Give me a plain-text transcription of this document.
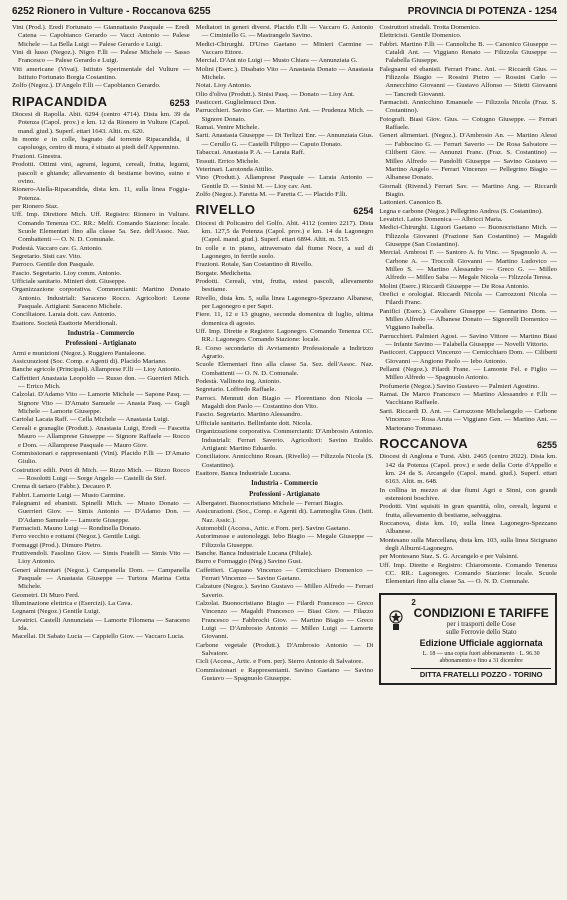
6252 Rionero in Vulture - Roccanova 6255	PROVINCIA DI POTENZA - 1254

Vini (Prod.). Eredi Fortunato — Giannattasio Pasquale — Eredi Catena — Capobianco Gerardo — Vacci Antonio — Palese Michele — La Bella Luigi — Palese Gerardo e Luigi.

Vini di lusso (Negoz.). Nigro F.lli — Palese Michele — Sasso Francesco — Palese Gerardo e Luigi.

Viti americane (Vivai). Istituto Sperimentale del Vulture — Istituto Fortunato Borgia Costantino.

Zolfo (Negoz.). D'Angelo F.lli — Capobianco Gerardo.

RIPACANDIDA	6253

Diocesi di Rapolla. Abit. 6294 (centro 4714). Dista km. 39 da Potenza (Capol. prov.) e km. 12 da Rionero in Vulture (Capol. mand. giud.). Superf. ettari 1643. Altit. m. 620.

In monte e in colle, bagnato dal torrente Ripacandida, il capoluogo, centro di mura, è situato ai piedi dell'Appennino.

Frazioni. Ginestra.

Prodotti. Ottimi vini, agrumi, legumi, cereali, frutta, legumi, pascoli e ghiande; allevamento di bestiame bovino, suino e ovino.

Rionero-Atella-Ripacandida, dista km. 11, sulla linea Foggia-Potenza.

per Rionero Staz.

Uff. Imp. Direttore Mich. Uff. Registro: Rionero in Vulture. Comando Tenenza CC. RR.: Melfi. Comando Stazione: locale. Scuole Elementari fino alla classe 5a. Sez. dell'Assoc. Naz. Combattenti — O. N. D. Comunale.

Podestà. Vaccaro cav. G. Antonio.

Segretario. Sisti cav. Vito.

Parroco. Gentile don Pasquale.

Fascio. Segretario. Lioy comm. Antonio.

Ufficiale sanitario. Minieri dott. Giuseppe.

Organizzazione corporativa. Commercianti: Martino Donato Antonio. Industriali: Saraceno Rocco. Agricoltori: Leone Pasquale. Artigiani: Saraceno Michele.

Conciliatore. Laraia dott. cav. Antonio.

Esattore. Società Esattorie Meridionali.

Industria - Commercio
Professioni - Artigianato

Armi e munizioni (Negoz.). Ruggiero Pantaleone.

Assicurazioni (Soc. Comp. e Agenti di). Placido Mariano.

Banche agricole (Principali). Allampresе F.lli — Lioy Antonio.

Caffettieri Anastasia Leopoldo — Russo don. — Guerrieri Mich. — Errico Mich.

Calzolai. D'Adamo Vito — Lamorte Michele — Sapone Pasq. — Signore Vito — D'Amato Samuele — Anasia Pasq. — Gugli Michele — Lamorte Giuseppe.

Cartolai Lacaia Raff. — Cella Michele — Anastasia Luigi.

Cereali e granaglie (Produtt.). Anastasia Luigi, Eredi — Fascetta Mauro — Allamprese Giuseppe — Signore Raffaele — Rocco e Dom. — Allamprese Pasquale — Mauro Giov.

Commissionari e rappresentanti (Vini). Placido F.lli — D'Amato Giulio.

Costruttori edili. Petri di Mich. — Rizzo Mich. — Rizzo Rocco — Rosolotti Luigi — Sorge Angelo — Castelli da Stef.

Crema di tartaro (Fabbr.). Decauro P.

Fabbri. Lamorte Luigi — Musto Carmine.

Falegnami ed ebanisti. Spinelli Mich. — Musto Donato — Guerrieri Giov. — Simis Antonio — D'Adamo Don. — D'Adamo Samuele — Lamorte Giuseppe.

Farmacisti. Mauno Luigi — Rondinella Donato.

Ferro vecchio e rottami (Negoz.). Gentile Luigi.

Formaggi (Prod.). Dimuro Pietro.

Fruttivendoli. Fasolino Giov. — Simis Fratelli — Simis Vito — Lioy Antonio.

Generi alimentari (Negoz.). Campanella Dom. — Campanella Pasquale — Anastasia Giuseppe — Turtora Marina Cetta Michele.

Geometri. Di Muro Ferd.

Illuminazione elettrica e (Esercizi). La Cava.

Legnami (Negoz.) Gentile Luigi.

Levatrici. Castelli Annunziata — Lamorte Filomena — Saraceno Ida.

Macellai. Di Sabato Lucia — Cappiello Giov. — Vaccaro Lucia.

Mediatori in generi diversi. Placido F.lli — Vaccaro G. Antonio — Ciminiello G. — Mastrangelo Savino.

Medici-Chirurghi. D'Urso Gaetano — Minieri Carmine — Vaccaro Ettore.

Mercial. D'Ant nio Luigi — Musto Chiara — Annunziata G.

Molini (Eserc.). Disabato Vito — Anastasia Donato — Anastasia Michele.

Notai. Lioy Antonio.

Olio d'oliva (Produtt.). Sinisi Pasq. — Donato — Lioy Ant.

Pasticceri. Guglielmucci Don.

Parrucchieri. Savino Ger. — Martino Ant. — Prudenza Mich. — Signore Donato.

Ramai. Ventre Michele.

Sarti. Anastasia Giuseppe — Di Terlizzi Enr. — Annunziata Gius. — Cerullo G. — Castelli Filippo — Capuio Donato.

Tabaccai. Anastasia P. A. — Laraia Raff.

Tessuti. Errico Michele.

Veterinari. Larotonda Attilio.

Vino (Produtt.). Allamprese Pasquale — Laraia Antonio — Gentile D. — Sinisi M. — Lioy cav. Ant.

Zolfo (Negoz.). Faretta M. — Faretta C. — Placido F.lli.

RIVELLO	6254

Diocesi di Policastro del Golfo. Abit. 4112 (centro 2217). Dista km. 127,5 da Potenza (Capol. prov.) e km. 14 da Lagonegro (Capol. mand. giud.). Superf. ettari 6894. Altit. m. 515.

In colle e in piano, attraversato dal fiume Noce, a sud di Lagonegro, in ferrile suolo.

Frazioni. Rotale, San Costantino di Rivello.

Borgate. Medichetta.

Prodotti. Cereali, vini, frutta, estesi pascoli, allevamento bestiame.

Rivello, dista km. 5, sulla linea Lagonegro-Spezzano Albanese, per Lagonegro e per Sapri.

Fiere. 11, 12 e 13 giugno, seconda domenica di luglio, ultima domenica di agosto.

Uff. Imp. Dirette e Registro: Lagonegro. Comando Tenenza CC. RR.: Lagonegro. Comando Stazione: locale.

R. Corso secondario di Avviamento Professionale a Indirizzo Agrario.

Scuole Elementari fino alla classe 5a. Sez. dell'Assoc. Naz. Combattenti — O. N. D. Comunale.

Podestà. Vallinoto ing. Antonio.

Segretario. Loffredo Raffaele.

Parroci. Mennuti don Biagio — Florentiano don Nicola — Magaldi don Paolo — Costantino don Vito.

Fascio. Segretario. Martino Alessandro.

Ufficiale sanitario. Bellinfante dott. Nicola.

Organizzazione corporativa. Commercianti: D'Ambrosio Antonio. Industriali: Ferrari Saverio. Agricoltori: Savino Eraldo. Artigiani: Martino Eduardo.

Conciliatore. Annicchino Rosan. (Rivello) — Filizzola Nicola (S. Costantino).

Esattore. Banca Industriale Lucana.

Industria - Commercio
Professioni - Artigianato

Albergatori. Buonocristiano Michele — Ferrari Biagio.

Assicurazioni. (Soc., Comp. e Agenti di). Lammoglia Gius. (Istit. Naz. Assic.).

Automobili (Access., Artic. e Forn. per). Savino Gaetano.

Autorimesse e autonoleggi. Iebo Biagio — Megale Giuseppe — Filizzola Giuseppe.

Banche. Banca Industriale Lucana (Filiale).

Burro e Formaggio (Neg.) Savino Gust.

Caffettieri. Capuano Vincenzo — Cernicchiaro Domenico — Ferrari Vincenzo — Savino Gaetano.

Calzature (Negoz.). Savino Gustavo — Milleo Alfredo — Ferrari Saverio.

Calzolai. Buonocristiano Biagio — Filardi Francesco — Greco Vincenzo — Magaldi Francesco — Biasi Giov. — Filazzo Francesco — Fabbrochi Giov. — Martino Biagio — Greco Luigi — D'Ambrosio Antonio — Milleo Luigi — Lamorte Giovanni.

Carbone vegetale (Produtt.). D'Ambrosio Antonio — Di Salvatore.

Cicli (Access., Artic. e Forn. per). Sierro Antonio di Salvatore.

Commissionari e Rappresentanti. Savino Gaetano — Savino Gustavo — Spagnuolo Giuseppe.

Costruttori stradali. Trotta Domenico.

Elettricisti. Gentile Domenico.

Fabbri. Martino F.lli — Cannoliche B. — Canonico Giuseppe — Cataldi Ant. — Viggiano Renato — Filizzola Giuseppe — Falabella Giuseppe.

Falegnami ed ebanisti. Ferrari Franc. Ant. — Riccardi Gius. — Filizzola Biagio — Rossini Pietro — Rossini Carlo — Annecchino Giovanni — Gustavo Alfonso — Stietti Giovanni — Tancredi Giovanni.

Farmacisti. Annicchino Emanuele — Filizzola Nicola (Fraz. S. Costantino).

Fotografi. Biasi Giov. Gius. — Cotugno Giuseppe. — Ferrari Raffaele.

Generi alimentari. (Negoz.). D'Ambrosio An. — Martino Alessi — Fabbocino G. — Ferrari Saverio — De Rosa Salvatore — Ciliberti Giov. — Annunzi Franc. (Fraz. S. Costantino) — Milleo Alfredo — Pandolfi Giuseppe — Savino Gustavo — Martino Angelo — Ferrari Vincenzo — Pellegrino Biagio — Albanese Donato.

Giornali (Rivend.) Ferrari Sav. — Martino Ang. — Riccardi Biagio.

Lattonieri. Canonico B.

Legna e carbone (Negoz.) Pellegrino Andrea (S. Costantino).

Levatrici. Laino Domenica — Albricci Maria.

Medici-Chirurghi. Liguori Gaetano — Buonocristiano Mich. — Filizzola Giovanni (Frazione San Costantino) — Magaldi Giuseppe (San Costantino).

Mercial. Ambrosi F. — Santoro A. fu Vinc. — Spagnuolo A. — Carbone A. — Troccoli Giovanni — Martino Ludovico — Milleo S. — Martino Alessandro — Greco G. — Milleo Alfredo — Milleo Saba — Megale Nicola — Filizzola Teresa.

Molini (Eserc.) Riccardi Giuseppe — De Rosa Antonio.

Orefici e orologiai. Riccardi Nicola — Carrozzoni Nicola — Filardi Franc.

Panifici (Eserc.). Cavaliere Giuseppe — Gennarino Dom. — Milleo Alfredo — Albanese Donato — Signorelli Domenico — Viggiano Isabella.

Parrucchieri. Palmieri Agost. — Savino Vittore — Martino Biasi — Infante Savino — Falabella Giuseppe — Novelli Vittorio.

Pasticceri. Cappucci Vincenzo — Cernicchiaro Dom. — Ciliberti Giovanni — Angiono Paolo — Iebo Antonio.

Pellami (Negoz.). Filardi Frane. — Lamonte Fel. e Figlio — Milleo Alfredo — Spagnuolo Antonio.

Profumerie (Negoz.) Savino Gustavo — Palmieri Agostino.

Ramai. De Marco Francesco — Martino Alessandro e F.lli — Vacchiano Raffaele.

Sarti. Riccardi D. Ant. — Carrazzone Michelangelo — Carbone Vincenzo — Rosa Aruta — Viggiano Gen. — Martino Ant. — Martorano Tommaso.

ROCCANOVA	6255

Diocesi di Anglona e Tursi. Abit. 2465 (centro 2022). Dista km. 142 da Potenza (Capol. prov.) e sede della Corte d'Appello e km. 24 da S. Arcangelo (Capol. mand. giud.). Superf. ettari 6163. Altit. m. 648.

In collina in mezzo ai due fiumi Agri e Sinni, con grandi estensioni boschive.

Prodotti. Vini squisiti in gran quantità, olio, cereali, legumi e frutta, allevamento di bestiame, selvaggina.

Roccanova, dista km. 10, sulla linea Lagonegro-Spezzano Albanese.

Montesano sulla Marcellana, dista km. 103, sulla linea Sicignano degli Alburni-Lagonegro.

per Montesano Staz. S. G. Arcangelo e per Valsinni.

Uff. Imp. Dirette e Registro: Chiaromonte. Comando Tenenza CC. RR.: Lagonegro. Comando Stazione: locale. Scuole Elementari fino alla classe 5a. — O. N. D. Comunale.

2
CONDIZIONI E TARIFFE
per i trasporti delle Cose
sulle Ferrovie dello Stato
Edizione Ufficiale aggiornata
L. 18 — una copia fuori abbonamento · L. 96.30 abbonamento e fino a 31 dicembre
DITTA FRATELLI POZZO - TORINO
